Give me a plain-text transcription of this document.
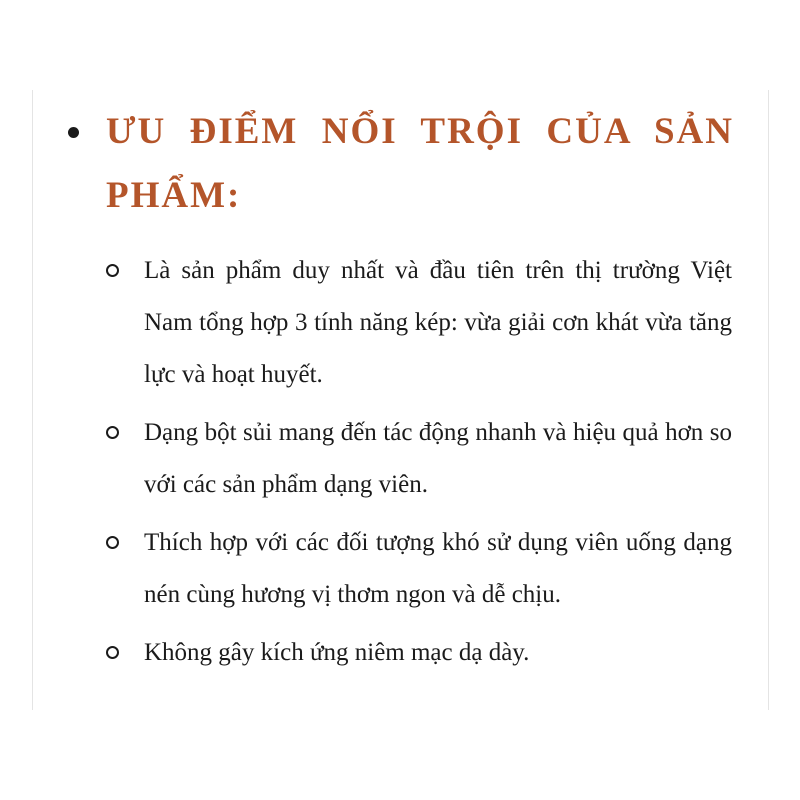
ƯU ĐIỂM NỔI TRỘI CỦA SẢN PHẨM:
Là sản phẩm duy nhất và đầu tiên trên thị trường Việt Nam tổng hợp 3 tính năng kép: vừa giải cơn khát vừa tăng lực và hoạt huyết.
Dạng bột sủi mang đến tác động nhanh và hiệu quả hơn so với các sản phẩm dạng viên.
Thích hợp với các đối tượng khó sử dụng viên uống dạng nén cùng hương vị thơm ngon và dễ chịu.
Không gây kích ứng niêm mạc dạ dày.
